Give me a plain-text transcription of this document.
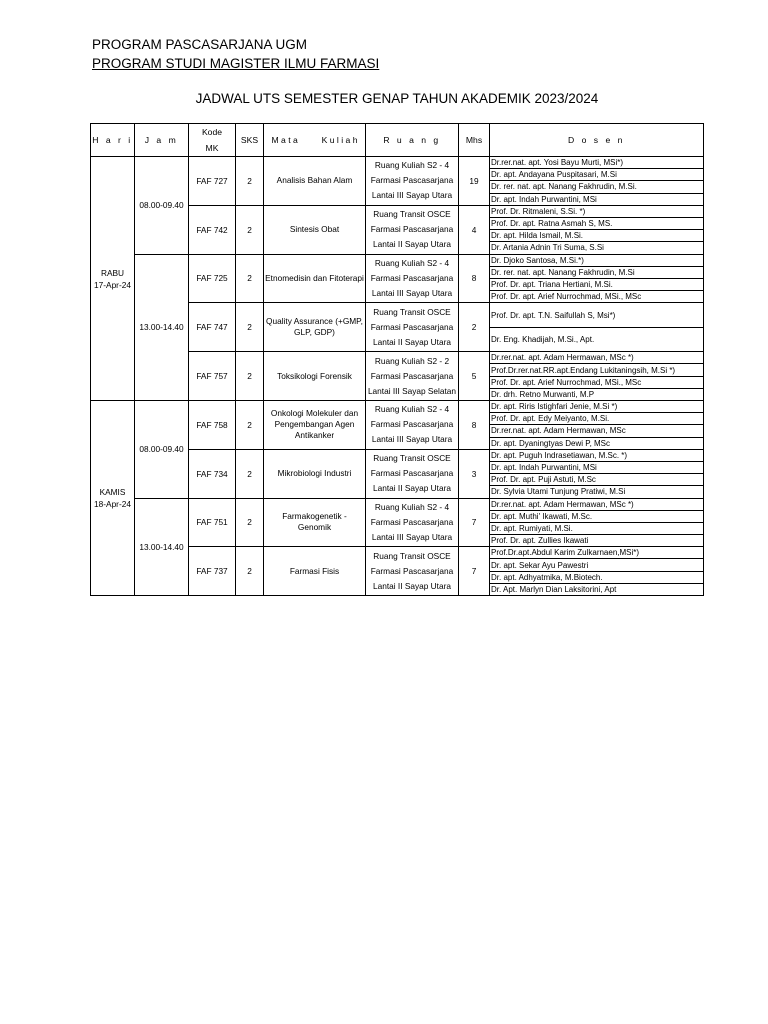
PROGRAM PASCASARJANA UGM
PROGRAM STUDI MAGISTER ILMU FARMASI
JADWAL UTS SEMESTER GENAP TAHUN AKADEMIK 2023/2024
H a r i	J a m	Kode MK	SKS	M a t a          K u l i a h	R u a n g	Mhs	D o s e n
RABU
17-Apr-24	08.00-09.40	FAF 727	2	Analisis Bahan Alam	Ruang Kuliah S2 - 4 Farmasi Pascasarjana Lantai III Sayap Utara	19	Dr.rer.nat. apt. Yosi Bayu Murti, MSi*)
							Dr. apt. Andayana Puspitasari, M.Si
							Dr. rer. nat. apt. Nanang Fakhrudin, M.Si.
							Dr. apt. Indah Purwantini, MSi
		FAF 742	2	Sintesis Obat	Ruang Transit OSCE Farmasi Pascasarjana Lantai II Sayap Utara	4	Prof. Dr. Ritmaleni, S.Si. *)
							Prof. Dr. apt. Ratna Asmah S, MS.
							Dr. apt. Hilda Ismail, M.Si.
							Dr. Artania Adnin Tri Suma, S.Si
	13.00-14.40	FAF 725	2	Etnomedisin dan Fitoterapi	Ruang Kuliah S2 - 4 Farmasi Pascasarjana Lantai III Sayap Utara	8	Dr. Djoko Santosa, M.Si.*)
							Dr. rer. nat. apt. Nanang Fakhrudin, M.Si
							Prof. Dr. apt. Triana Hertiani, M.Si.
							Prof. Dr. apt. Arief Nurrochmad, MSi., MSc
		FAF 747	2	Quality Assurance (+GMP, GLP, GDP)	Ruang Transit OSCE Farmasi Pascasarjana Lantai II Sayap Utara	2	Prof. Dr. apt. T.N. Saifullah S, Msi*)
							Dr. Eng. Khadijah, M.Si., Apt.
		FAF 757	2	Toksikologi Forensik	Ruang Kuliah S2 - 2 Farmasi Pascasarjana Lantai III Sayap Selatan	5	Dr.rer.nat. apt. Adam Hermawan, MSc *)
							Prof.Dr.rer.nat.RR.apt.Endang Lukitaningsih, M.Si *)
							Prof. Dr. apt. Arief Nurrochmad, MSi., MSc
							Dr. drh. Retno Murwanti, M.P
KAMIS
18-Apr-24	08.00-09.40	FAF 758	2	Onkologi Molekuler dan Pengembangan Agen Antikanker	Ruang Kuliah S2 - 4 Farmasi Pascasarjana Lantai III Sayap Utara	8	Dr. apt. Riris Istighfari Jenie, M.Si *)
							Prof. Dr. apt. Edy Meiyanto, M.Si.
							Dr.rer.nat. apt. Adam Hermawan, MSc
							Dr. apt. Dyaningtyas Dewi P, MSc
		FAF 734	2	Mikrobiologi Industri	Ruang Transit OSCE Farmasi Pascasarjana Lantai II Sayap Utara	3	Dr. apt. Puguh Indrasetiawan, M.Sc. *)
							Dr. apt. Indah Purwantini, MSi
							Prof. Dr. apt. Puji Astuti, M.Sc
							Dr. Sylvia Utami Tunjung Pratiwi, M.Si
	13.00-14.40	FAF 751	2	Farmakogenetik - Genomik	Ruang Kuliah S2 - 4 Farmasi Pascasarjana Lantai III Sayap Utara	7	Dr.rer.nat. apt. Adam Hermawan, MSc *)
							Dr. apt. Muthi' Ikawati, M.Sc.
							Dr. apt. Rumiyati, M.Si.
							Prof. Dr. apt. Zullies Ikawati
		FAF 737	2	Farmasi Fisis	Ruang Transit OSCE Farmasi Pascasarjana Lantai II Sayap Utara	7	Prof.Dr.apt.Abdul Karim Zulkarnaen,MSi*)
							Dr. apt. Sekar Ayu Pawestri
							Dr. apt. Adhyatmika, M.Biotech.
							Dr. Apt. Marlyn Dian Laksitorini, Apt
